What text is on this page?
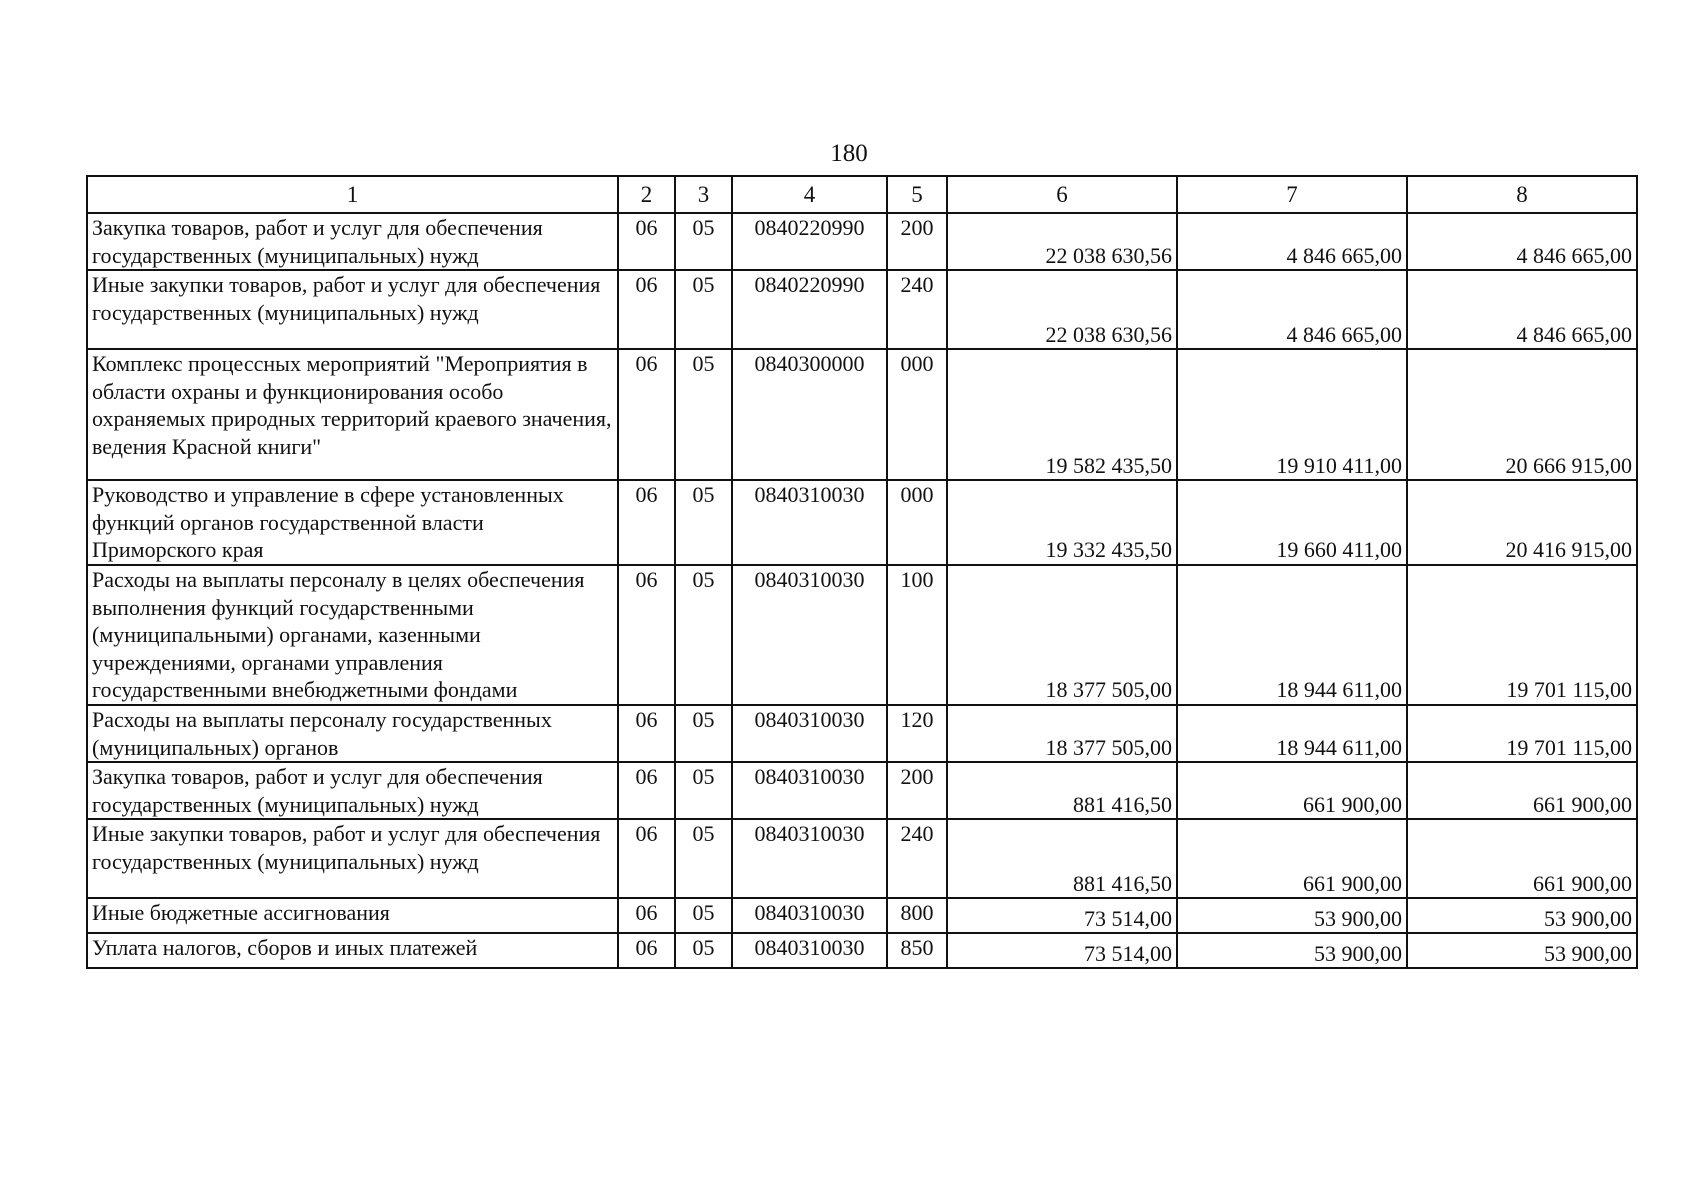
180
1	2	3	4	5	6	7	8
Закупка товаров, работ и услуг для обеспечения государственных (муниципальных) нужд	06	05	0840220990	200	22 038 630,56	4 846 665,00	4 846 665,00
Иные закупки товаров, работ и услуг для обеспечения государственных (муниципальных) нужд	06	05	0840220990	240	22 038 630,56	4 846 665,00	4 846 665,00
Комплекс процессных мероприятий "Мероприятия в области охраны и функционирования особо охраняемых природных территорий краевого значения, ведения Красной книги"	06	05	0840300000	000	19 582 435,50	19 910 411,00	20 666 915,00
Руководство и управление в сфере установленных функций органов государственной власти Приморского края	06	05	0840310030	000	19 332 435,50	19 660 411,00	20 416 915,00
Расходы на выплаты персоналу в целях обеспечения выполнения функций государственными (муниципальными) органами, казенными учреждениями, органами управления государственными внебюджетными фондами	06	05	0840310030	100	18 377 505,00	18 944 611,00	19 701 115,00
Расходы на выплаты персоналу государственных (муниципальных) органов	06	05	0840310030	120	18 377 505,00	18 944 611,00	19 701 115,00
Закупка товаров, работ и услуг для обеспечения государственных (муниципальных) нужд	06	05	0840310030	200	881 416,50	661 900,00	661 900,00
Иные закупки товаров, работ и услуг для обеспечения государственных (муниципальных) нужд	06	05	0840310030	240	881 416,50	661 900,00	661 900,00
Иные бюджетные ассигнования	06	05	0840310030	800	73 514,00	53 900,00	53 900,00
Уплата налогов, сборов и иных платежей	06	05	0840310030	850	73 514,00	53 900,00	53 900,00
